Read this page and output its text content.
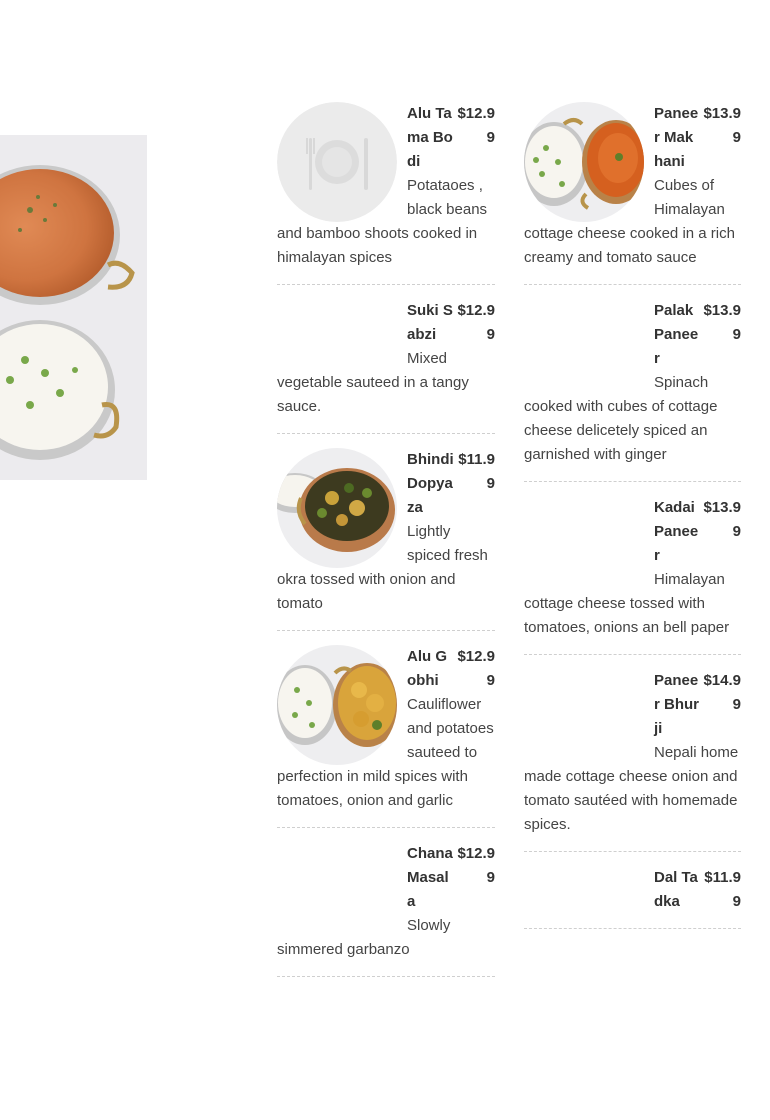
$12.99
Alu Tama Bodi
Potataoes , black beans and bamboo shoots cooked in himalayan spices
$12.99
Suki Sabzi
Mixed vegetable sauteed in a tangy sauce.
$11.99
Bhindi Dopyaza
Lightly spiced fresh okra tossed with onion and tomato
$12.99
Alu Gobhi
Cauliflower and potatoes sauteed to perfection in mild spices with tomatoes, onion and garlic
$12.99
Chana Masala
Slowly simmered garbanzo
$13.99
Paneer Makhani
Cubes of Himalayan cottage cheese cooked in a rich creamy and tomato sauce
$13.99
Palak Paneer
Spinach cooked with cubes of cottage cheese delicetely spiced an garnished with ginger
$13.99
Kadai Paneer
Himalayan cottage cheese tossed with tomatoes, onions an bell paper
$14.99
Paneer Bhurji
Nepali home made cottage cheese onion and tomato sautéed with homemade spices.
$11.99
Dal Tadka
